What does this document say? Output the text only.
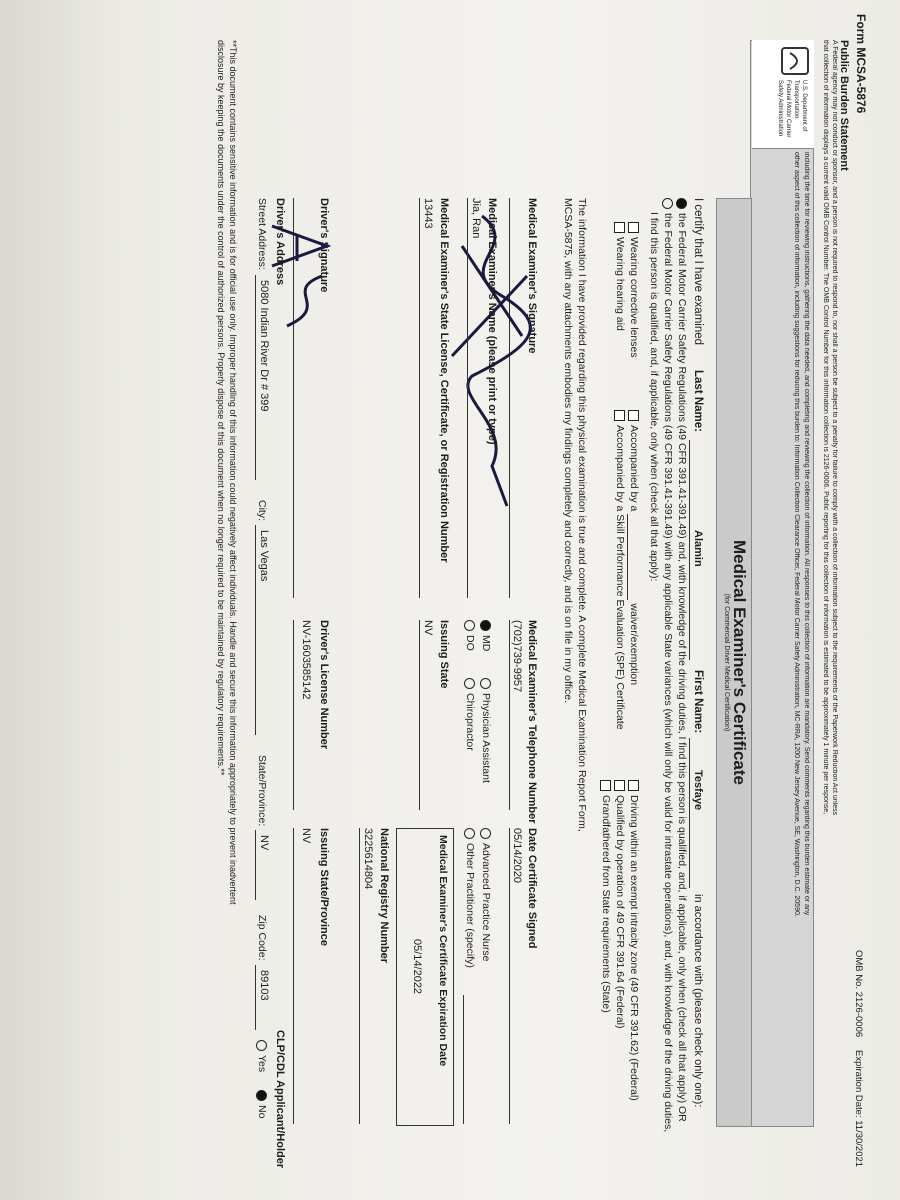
Form MCSA-5876
OMB No. 2126-0006
Expiration Date: 11/30/2021
Public Burden Statement
A Federal agency may not conduct or sponsor, and a person is not required to respond to, nor shall a person be subject to a penalty for failure to comply with a collection of information subject to the requirements of the Paperwork Reduction Act unless
that collection of information displays a current valid OMB Control Number. The OMB Control Number for this information collection is 2126-0006. Public reporting for this collection of information is estimated to be approximately 1 minute per response,
U.S. Department of Transportation
Federal Motor Carrier
Safety Administration
including the time for reviewing instructions, gathering the data needed, and completing and reviewing the collection of information. All responses to this collection of information are mandatory. Send comments regarding this burden estimate or any
other aspect of this collection of information, including suggestions for reducing this burden to: Information Collection Clearance Officer, Federal Motor Carrier Safety Administration, MC-RRA, 1200 New Jersey Avenue, SE, Washington, D.C. 20590.
Medical Examiner's Certificate
(for Commercial Driver Medical Certification)
I certify that I have examined
Last Name:
Alamin
First Name:
Tesfaye
in accordance with (please check only one):
the Federal Motor Carrier Safety Regulations (49 CFR 391.41-391.49) and, with knowledge of the driving duties, I find this person is qualified, and, if applicable, only when (check all that apply) OR
the Federal Motor Carrier Safety Regulations (49 CFR 391.41-391.49) with any applicable State variances (which will only be valid for intrastate operations), and, with knowledge of the driving duties,
I find this person is qualified, and, if applicable, only when (check all that apply):
Wearing corrective lenses
Wearing hearing aid
Accompanied by a waiver/exemption
Accompanied by a Skill Performance Evaluation (SPE) Certificate
Driving within an exempt intracity zone (49 CFR 391.62) (Federal)
Qualified by operation of 49 CFR 391.64 (Federal)
Grandfathered from State requirements (State)
The information I have provided regarding this physical examination is true and complete. A complete Medical Examination Report Form,
MCSA-5875, with any attachments embodies my findings completely and correctly, and is on file in my office.
Medical Examiner's Certificate Expiration Date
05/14/2022
Medical Examiner's Signature
Medical Examiner's Telephone Number
(702)739-9957
Date Certificate Signed
05/14/2020
Medical Examiner's Name (please print or type)
Jia, Ran
MD
Physician Assistant
Advanced Practice Nurse
DO
Chiropractor
Other Practitioner (specify)
Medical Examiner's State License, Certificate, or Registration Number
13443
Issuing State
NV
National Registry Number
3225614804
Driver's Signature
Driver's License Number
NV-1603585142
Issuing State/Province
NV
Driver's Address
CLP/CDL Applicant/Holder
Street Address:
5080 Indian River Dr # 399
City:
Las Vegas
State/Province:
NV
Zip Code:
89103
Yes
No
**This document contains sensitive information and is for official use only. Improper handling of this information could negatively affect individuals. Handle and secure this information appropriately to prevent inadvertent
disclosure by keeping the documents under the control of authorized persons. Properly dispose of this document when no longer required to be maintained by regulatory requirements.**
